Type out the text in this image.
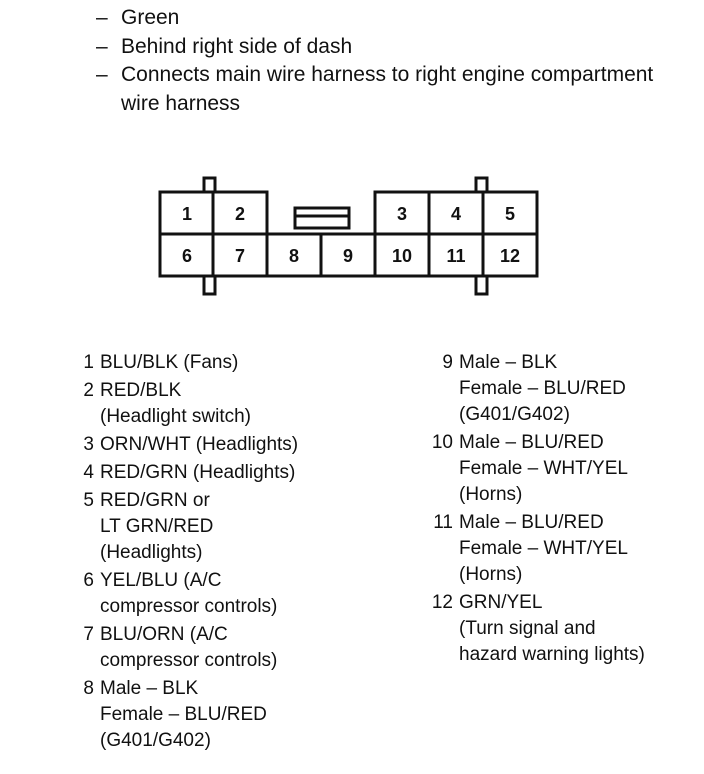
– Green
– Behind right side of dash
– Connects main wire harness to right engine compartment wire harness
1 2	3 4 5
6 7 8 9 10 11 12
1 BLU/BLK (Fans)
2 RED/BLK
(Headlight switch)
3 ORN/WHT (Headlights)
4 RED/GRN (Headlights)
5 RED/GRN or
LT GRN/RED
(Headlights)
6 YEL/BLU (A/C
compressor controls)
7 BLU/ORN (A/C
compressor controls)
8 Male – BLK
Female – BLU/RED
(G401/G402)
9 Male – BLK
Female – BLU/RED
(G401/G402)
10 Male – BLU/RED
Female – WHT/YEL
(Horns)
11 Male – BLU/RED
Female – WHT/YEL
(Horns)
12 GRN/YEL
(Turn signal and
hazard warning lights)
